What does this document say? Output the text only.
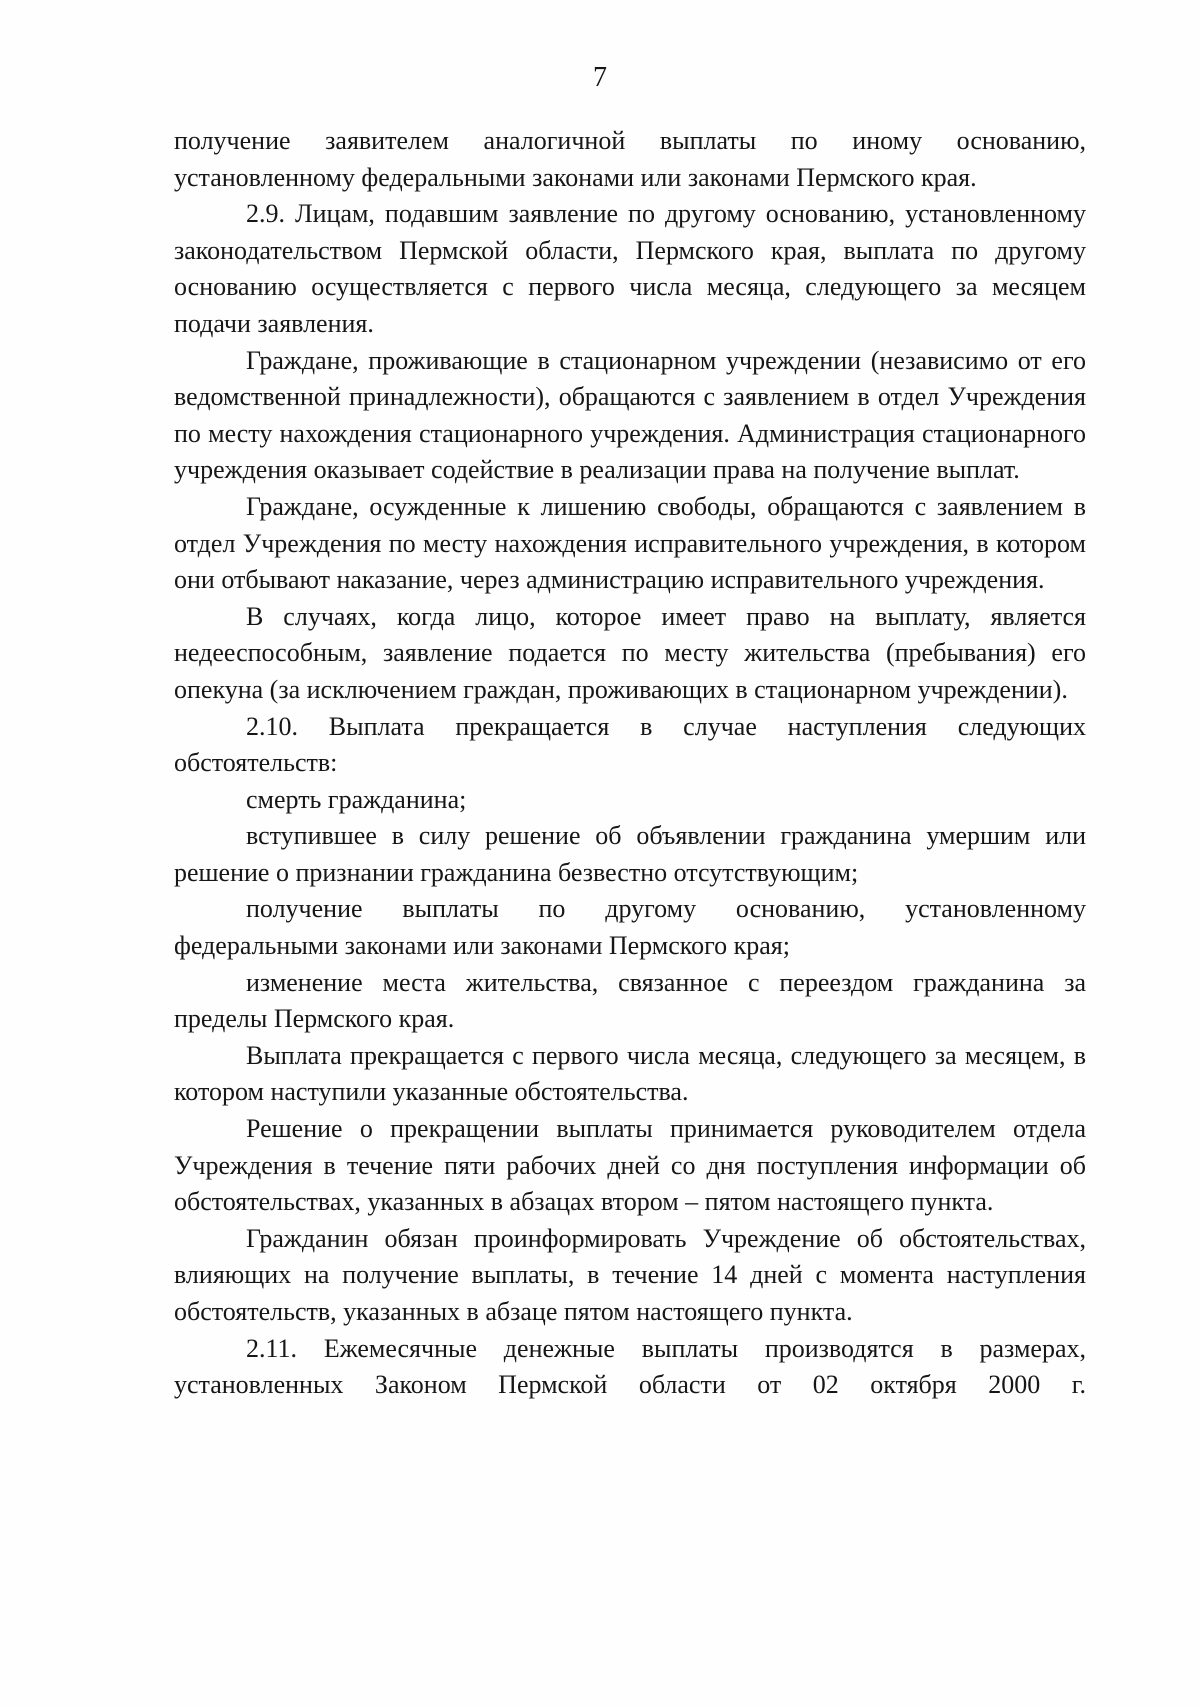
7

получение заявителем аналогичной выплаты по иному основанию, установленному федеральными законами или законами Пермского края.

2.9. Лицам, подавшим заявление по другому основанию, установленному законодательством Пермской области, Пермского края, выплата по другому основанию осуществляется с первого числа месяца, следующего за месяцем подачи заявления.

Граждане, проживающие в стационарном учреждении (независимо от его ведомственной принадлежности), обращаются с заявлением в отдел Учреждения по месту нахождения стационарного учреждения. Администрация стационарного учреждения оказывает содействие в реализации права на получение выплат.

Граждане, осужденные к лишению свободы, обращаются с заявлением в отдел Учреждения по месту нахождения исправительного учреждения, в котором они отбывают наказание, через администрацию исправительного учреждения.

В случаях, когда лицо, которое имеет право на выплату, является недееспособным, заявление подается по месту жительства (пребывания) его опекуна (за исключением граждан, проживающих в стационарном учреждении).

2.10. Выплата прекращается в случае наступления следующих обстоятельств:

смерть гражданина;

вступившее в силу решение об объявлении гражданина умершим или решение о признании гражданина безвестно отсутствующим;

получение выплаты по другому основанию, установленному федеральными законами или законами Пермского края;

изменение места жительства, связанное с переездом гражданина за пределы Пермского края.

Выплата прекращается с первого числа месяца, следующего за месяцем, в котором наступили указанные обстоятельства.

Решение о прекращении выплаты принимается руководителем отдела Учреждения в течение пяти рабочих дней со дня поступления информации об обстоятельствах, указанных в абзацах втором – пятом настоящего пункта.

Гражданин обязан проинформировать Учреждение об обстоятельствах, влияющих на получение выплаты, в течение 14 дней с момента наступления обстоятельств, указанных в абзаце пятом настоящего пункта.

2.11. Ежемесячные денежные выплаты производятся в размерах, установленных Законом Пермской области от 02 октября 2000 г.
